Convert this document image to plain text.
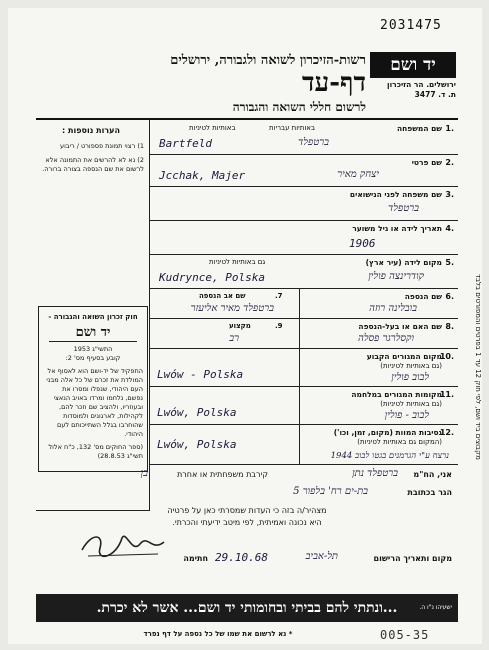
2031475
יד ושם
ירושלים. הר הזיכרון
ת. ד. 3477
רשות-הזיכרון לשואה ולגבורה, ירושלים
דף-עד
לרשום חללי השואה והגבורה
הערות נוספות :
1) רצוי תמונת פספורט / ריבוע
2) נא לא להרשים את התמונה אלא לרשום את שם הנספה בצורה ברורה.
חוק זכרון השואה והגבורה -
יד ושם
התשי"ג 1953
קובע בסעיף מס' 2:
התפקיד של יד-ושם הוא לאסוף אל המולדת את זכרם של כל אלה מבני העם היהודי, שנפלו ומסרו את נפשם, נלחמו ומרדו באויב הנאצי ובעוזריו, ולהציב שם וזכר להם, לקהילות, לארגונים ולמוסדות שהוחרבו בגלל השתייכותם לעם היהודי.
(ספר החוקים מס' 132, כ"ח אלול תשי"ג 28.8.53)
1.
שם המשפחה
באותיות עבריות
באותיות לטיניות
Bartfeld	ברטפלד
2.
שם פרטי
Jcchak, Majer	יצחק מאיר
3.
שם משפחה לפני הנישואים
ברטפלד
4.
תאריך לידה או גיל משוער
1906
5.
מקום לידה (עיר ארץ)
גם באותיות לטיניות
Kudrynce, Polska	קודרינצה פולין
6.
שם הנספה
בובלינה רוזה
7.
שם אב הנספה
ברטפלד מאיר אליעזר
8.
שם האם או בעל-הנספה
וקסלרגר פסלה
9.
מקצוע
רב
10.
מקום המגורים הקבוע
(גם באותיות לטיניות)
לבוב פולין
Lwów - Polska
11.
מקומות המגורים במלחמה
(גם באותיות לטיניות)
לבוב - פולין
Lwów, Polska
12.
נסיבות המוות (מקום, זמן, וכו')
(המקום גם באותיות לטיניות)
נרצח ע"י הגרמנים בגטו לבוב 1944
Lwów, Polska
אני, הח"מ
ברטפלד נתן
קירבת משפחתית או אחרת
בן
הגר בכתובת
בת-ים רח' בלפור 5
מצהיר/ה בזה כי העדות שמסרתי כאן על פרטיה
היא נכונה ואמיתית, לפי מיטב ידיעתי והכרתי.
מקום ותאריך הרישום
תל-אביב
29.10.68
חתימה
...ונתתי להם בביתי ובחומותי יד ושם... אשר לא יכרת.	ישעיהו נ"ו ה.
* נא לרשום את שמו של כל נספה על דף נפרד	005-35
מקבוצים ביד ושם, לפי חוק 12 עד 1 בפרטים והמפורטים בלבד
